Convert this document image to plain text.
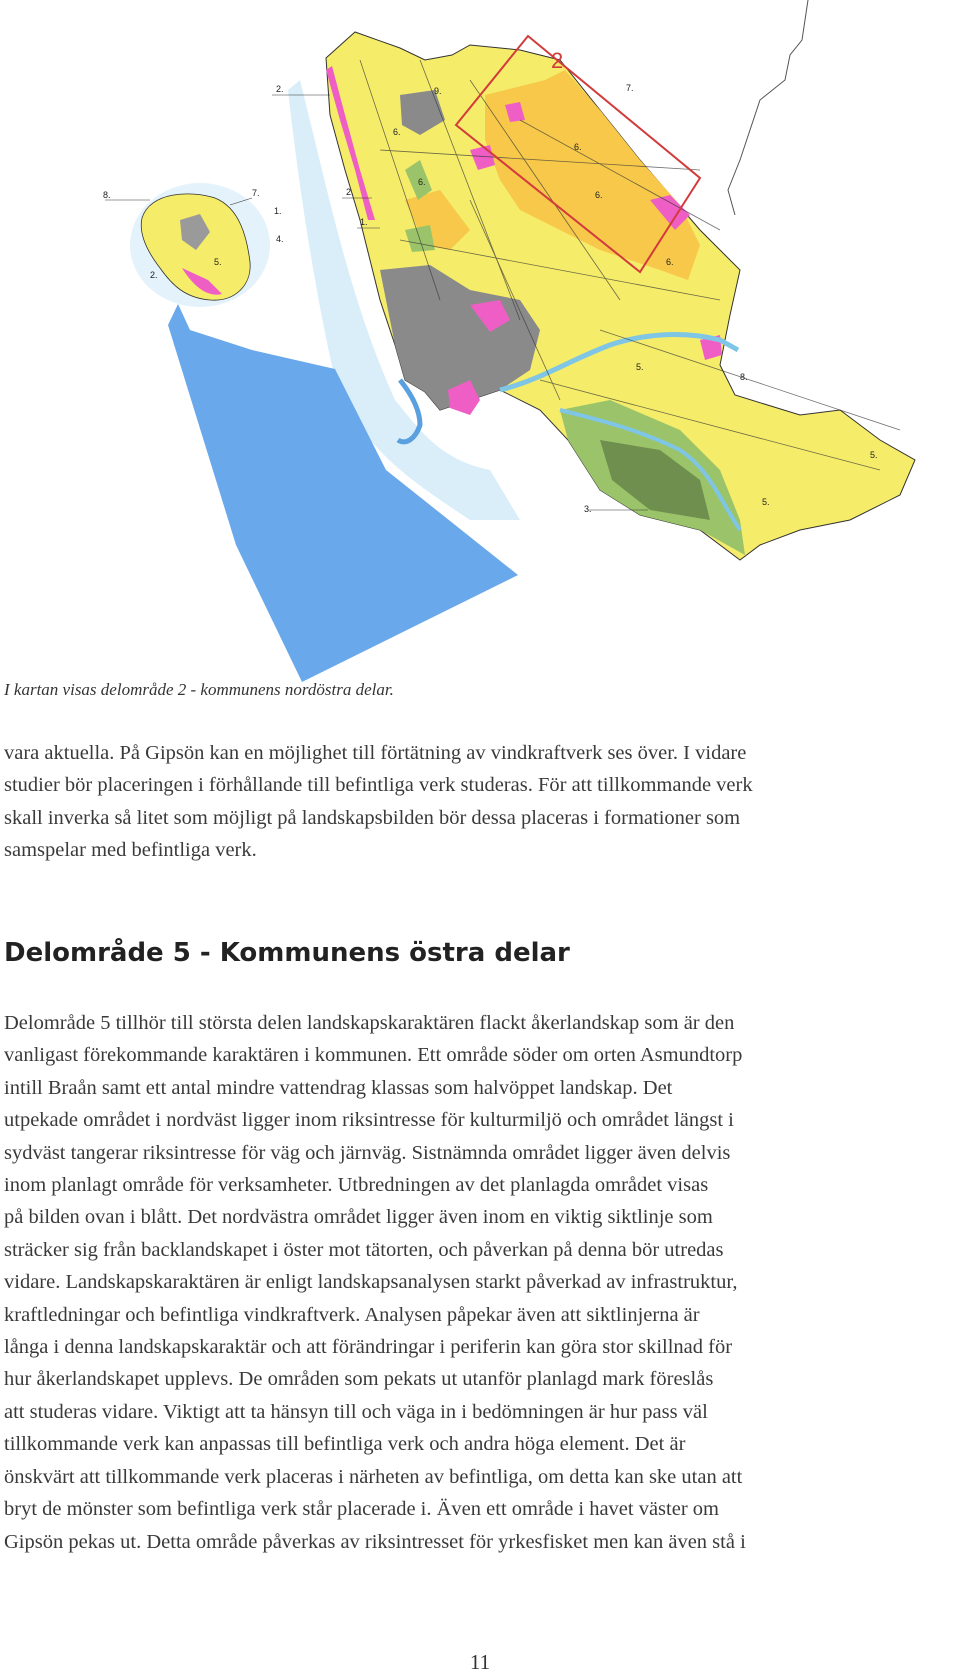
2
2.	9.
6.
8.	7.	2.
1.
4.
5.
2.
1.
6.
6.
7.
6.
6.
5.
8.
5.
5.
3.
I kartan visas delområde 2 - kommunens nordöstra delar.

vara aktuella. På Gipsön kan en möjlighet till förtätning av vindkraftverk ses över. I vidare
studier bör placeringen i förhållande till befintliga verk studeras. För att tillkommande verk
skall inverka så litet som möjligt på landskapsbilden bör dessa placeras i formationer som
samspelar med befintliga verk.

Delområde 5 - Kommunens östra delar

Delområde 5 tillhör till största delen landskapskaraktären flackt åkerlandskap som är den
vanligast förekommande karaktären i kommunen. Ett område söder om orten Asmundtorp
intill Braån samt ett antal mindre vattendrag klassas som halvöppet landskap. Det
utpekade området i nordväst ligger inom riksintresse för kulturmiljö och området längst i
sydväst tangerar riksintresse för väg och järnväg. Sistnämnda området ligger även delvis
inom planlagt område för verksamheter. Utbredningen av det planlagda området visas
på bilden ovan i blått. Det nordvästra området ligger även inom en viktig siktlinje som
sträcker sig från backlandskapet i öster mot tätorten, och påverkan på denna bör utredas
vidare. Landskapskaraktären är enligt landskapsanalysen starkt påverkad av infrastruktur,
kraftledningar och befintliga vindkraftverk. Analysen påpekar även att siktlinjerna är
långa i denna landskapskaraktär och att förändringar i periferin kan göra stor skillnad för
hur åkerlandskapet upplevs. De områden som pekats ut utanför planlagd mark föreslås
att studeras vidare. Viktigt att ta hänsyn till och väga in i bedömningen är hur pass väl
tillkommande verk kan anpassas till befintliga verk och andra höga element. Det är
önskvärt att tillkommande verk placeras i närheten av befintliga, om detta kan ske utan att
bryt de mönster som befintliga verk står placerade i. Även ett område i havet väster om
Gipsön pekas ut. Detta område påverkas av riksintresset för yrkesfisket men kan även stå i

11
